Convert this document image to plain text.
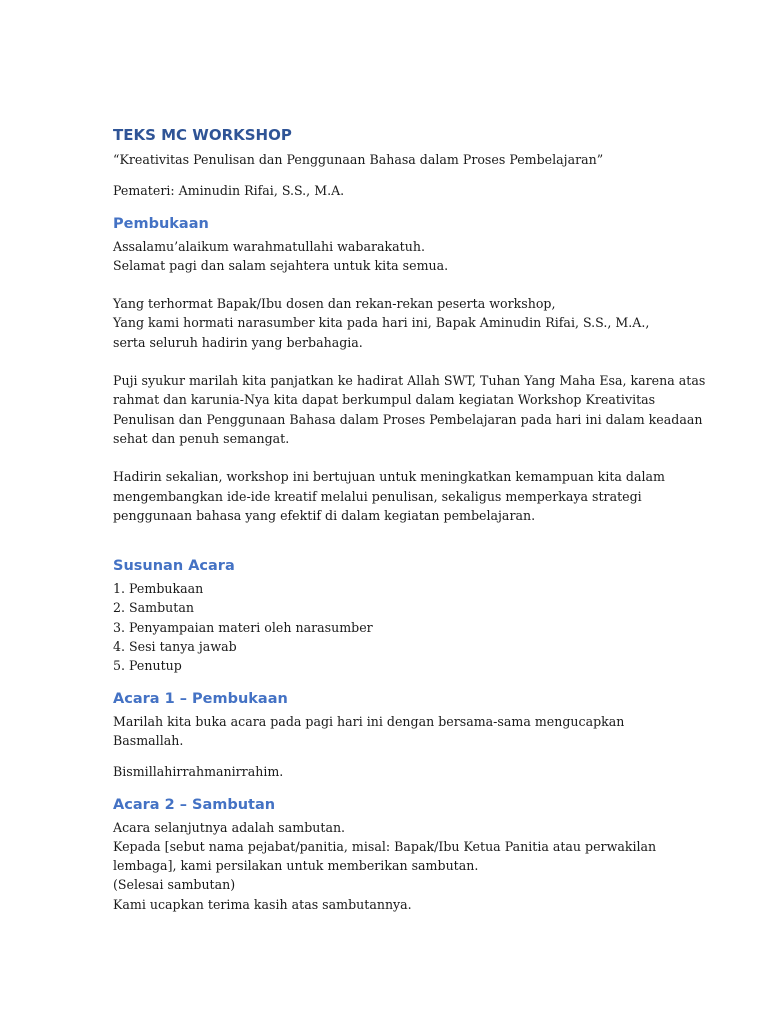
TEKS MC WORKSHOP

“Kreativitas Penulisan dan Penggunaan Bahasa dalam Proses Pembelajaran”

Pemateri: Aminudin Rifai, S.S., M.A.

Pembukaan

Assalamu’alaikum warahmatullahi wabarakatuh.
Selamat pagi dan salam sejahtera untuk kita semua.

Yang terhormat Bapak/Ibu dosen dan rekan-rekan peserta workshop,
Yang kami hormati narasumber kita pada hari ini, Bapak Aminudin Rifai, S.S., M.A.,
serta seluruh hadirin yang berbahagia.

Puji syukur marilah kita panjatkan ke hadirat Allah SWT, Tuhan Yang Maha Esa, karena atas
rahmat dan karunia-Nya kita dapat berkumpul dalam kegiatan Workshop Kreativitas
Penulisan dan Penggunaan Bahasa dalam Proses Pembelajaran pada hari ini dalam keadaan
sehat dan penuh semangat.

Hadirin sekalian, workshop ini bertujuan untuk meningkatkan kemampuan kita dalam
mengembangkan ide-ide kreatif melalui penulisan, sekaligus memperkaya strategi
penggunaan bahasa yang efektif di dalam kegiatan pembelajaran.

Susunan Acara
1. Pembukaan
2. Sambutan
3. Penyampaian materi oleh narasumber
4. Sesi tanya jawab
5. Penutup
Acara 1 – Pembukaan

Marilah kita buka acara pada pagi hari ini dengan bersama-sama mengucapkan Basmallah.

Bismillahirrahmanirrahim.

Acara 2 – Sambutan

Acara selanjutnya adalah sambutan.
Kepada [sebut nama pejabat/panitia, misal: Bapak/Ibu Ketua Panitia atau perwakilan
lembaga], kami persilakan untuk memberikan sambutan.
(Selesai sambutan)
Kami ucapkan terima kasih atas sambutannya.
